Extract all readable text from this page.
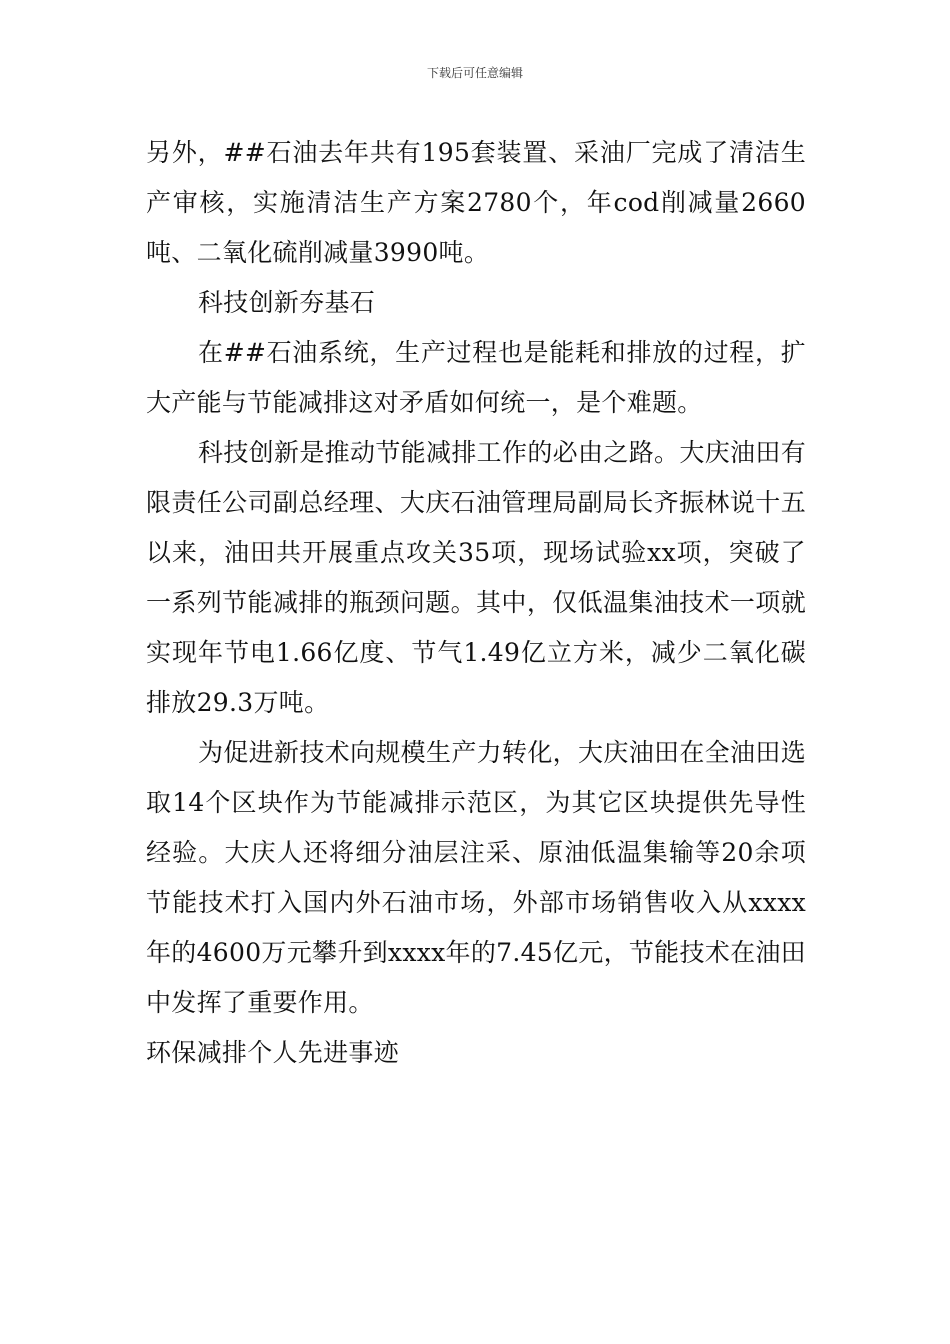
下载后可任意编辑

另外，##石油去年共有195套装置、采油厂完成了清洁生产审核，实施清洁生产方案2780个，年cod削减量2660吨、二氧化硫削减量3990吨。

科技创新夯基石

在##石油系统，生产过程也是能耗和排放的过程，扩大产能与节能减排这对矛盾如何统一，是个难题。

科技创新是推动节能减排工作的必由之路。大庆油田有限责任公司副总经理、大庆石油管理局副局长齐振林说十五以来，油田共开展重点攻关35项，现场试验xx项，突破了一系列节能减排的瓶颈问题。其中，仅低温集油技术一项就实现年节电1.66亿度、节气1.49亿立方米，减少二氧化碳排放29.3万吨。

为促进新技术向规模生产力转化，大庆油田在全油田选取14个区块作为节能减排示范区，为其它区块提供先导性经验。大庆人还将细分油层注采、原油低温集输等20余项节能技术打入国内外石油市场，外部市场销售收入从xxxx年的4600万元攀升到xxxx年的7.45亿元，节能技术在油田中发挥了重要作用。

环保减排个人先进事迹
